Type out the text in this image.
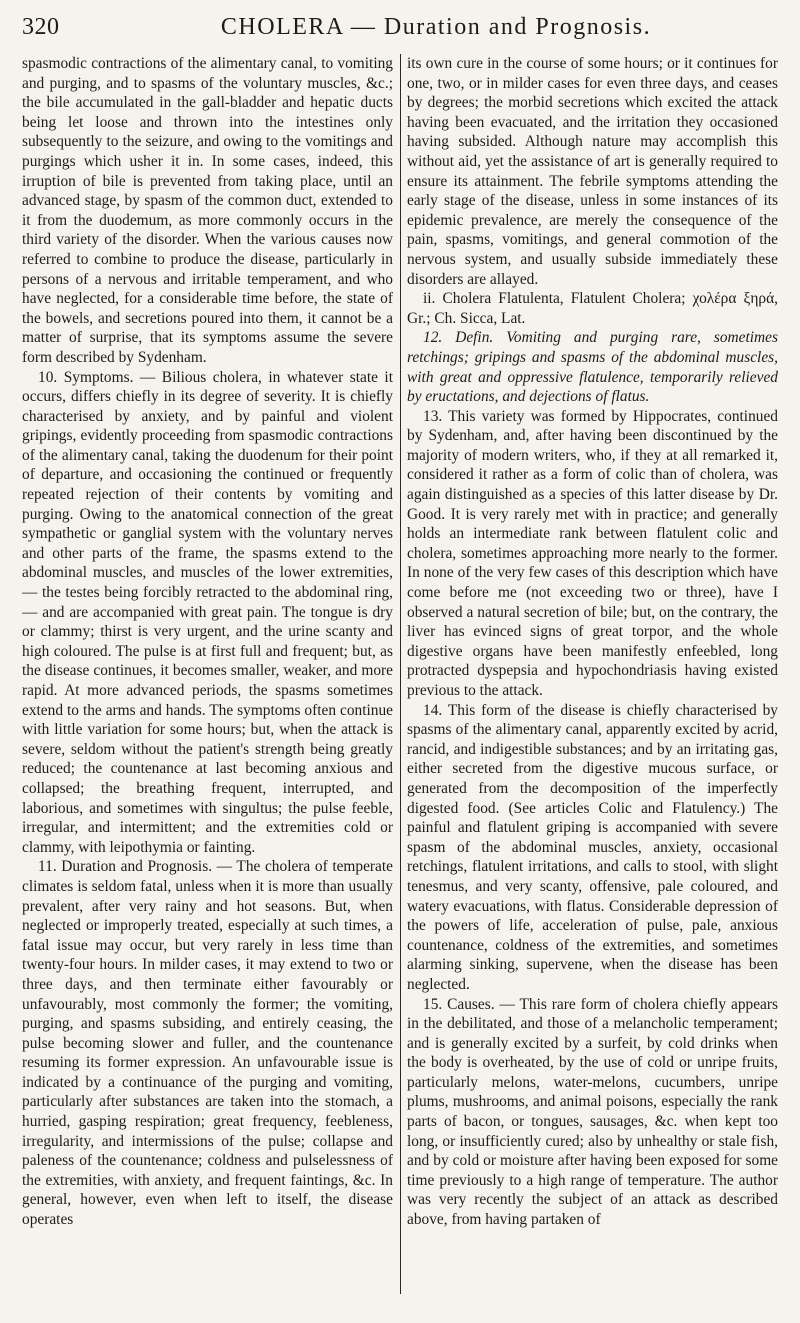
320	CHOLERA — Duration and Prognosis.

spasmodic contractions of the alimentary canal, to vomiting and purging, and to spasms of the voluntary muscles, &c.; the bile accumulated in the gall-bladder and hepatic ducts being let loose and thrown into the intestines only subsequently to the seizure, and owing to the vomitings and purgings which usher it in. In some cases, indeed, this irruption of bile is prevented from taking place, until an advanced stage, by spasm of the common duct, extended to it from the duodemum, as more commonly occurs in the third variety of the disorder. When the various causes now referred to combine to produce the disease, particularly in persons of a nervous and irritable temperament, and who have neglected, for a considerable time before, the state of the bowels, and secretions poured into them, it cannot be a matter of surprise, that its symptoms assume the severe form described by Sydenham.

10. Symptoms. — Bilious cholera, in whatever state it occurs, differs chiefly in its degree of severity. It is chiefly characterised by anxiety, and by painful and violent gripings, evidently proceeding from spasmodic contractions of the alimentary canal, taking the duodenum for their point of departure, and occasioning the continued or frequently repeated rejection of their contents by vomiting and purging. Owing to the anatomical connection of the great sympathetic or ganglial system with the voluntary nerves and other parts of the frame, the spasms extend to the abdominal muscles, and muscles of the lower extremities, — the testes being forcibly retracted to the abdominal ring, — and are accompanied with great pain. The tongue is dry or clammy; thirst is very urgent, and the urine scanty and high coloured. The pulse is at first full and frequent; but, as the disease continues, it becomes smaller, weaker, and more rapid. At more advanced periods, the spasms sometimes extend to the arms and hands. The symptoms often continue with little variation for some hours; but, when the attack is severe, seldom without the patient's strength being greatly reduced; the countenance at last becoming anxious and collapsed; the breathing frequent, interrupted, and laborious, and sometimes with singultus; the pulse feeble, irregular, and intermittent; and the extremities cold or clammy, with leipothymia or fainting.

11. Duration and Prognosis. — The cholera of temperate climates is seldom fatal, unless when it is more than usually prevalent, after very rainy and hot seasons. But, when neglected or improperly treated, especially at such times, a fatal issue may occur, but very rarely in less time than twenty-four hours. In milder cases, it may extend to two or three days, and then terminate either favourably or unfavourably, most commonly the former; the vomiting, purging, and spasms subsiding, and entirely ceasing, the pulse becoming slower and fuller, and the countenance resuming its former expression. An unfavourable issue is indicated by a continuance of the purging and vomiting, particularly after substances are taken into the stomach, a hurried, gasping respiration; great frequency, feebleness, irregularity, and intermissions of the pulse; collapse and paleness of the countenance; coldness and pulselessness of the extremities, with anxiety, and frequent faintings, &c. In general, however, even when left to itself, the disease operates

its own cure in the course of some hours; or it continues for one, two, or in milder cases for even three days, and ceases by degrees; the morbid secretions which excited the attack having been evacuated, and the irritation they occasioned having subsided. Although nature may accomplish this without aid, yet the assistance of art is generally required to ensure its attainment. The febrile symptoms attending the early stage of the disease, unless in some instances of its epidemic prevalence, are merely the consequence of the pain, spasms, vomitings, and general commotion of the nervous system, and usually subside immediately these disorders are allayed.

ii. Cholera Flatulenta, Flatulent Cholera; χολέρα ξηρά, Gr.; Ch. Sicca, Lat.

12. Defin. Vomiting and purging rare, sometimes retchings; gripings and spasms of the abdominal muscles, with great and oppressive flatulence, temporarily relieved by eructations, and dejections of flatus.

13. This variety was formed by Hippocrates, continued by Sydenham, and, after having been discontinued by the majority of modern writers, who, if they at all remarked it, considered it rather as a form of colic than of cholera, was again distinguished as a species of this latter disease by Dr. Good. It is very rarely met with in practice; and generally holds an intermediate rank between flatulent colic and cholera, sometimes approaching more nearly to the former. In none of the very few cases of this description which have come before me (not exceeding two or three), have I observed a natural secretion of bile; but, on the contrary, the liver has evinced signs of great torpor, and the whole digestive organs have been manifestly enfeebled, long protracted dyspepsia and hypochondriasis having existed previous to the attack.

14. This form of the disease is chiefly characterised by spasms of the alimentary canal, apparently excited by acrid, rancid, and indigestible substances; and by an irritating gas, either secreted from the digestive mucous surface, or generated from the decomposition of the imperfectly digested food. (See articles Colic and Flatulency.) The painful and flatulent griping is accompanied with severe spasm of the abdominal muscles, anxiety, occasional retchings, flatulent irritations, and calls to stool, with slight tenesmus, and very scanty, offensive, pale coloured, and watery evacuations, with flatus. Considerable depression of the powers of life, acceleration of pulse, pale, anxious countenance, coldness of the extremities, and sometimes alarming sinking, supervene, when the disease has been neglected.

15. Causes. — This rare form of cholera chiefly appears in the debilitated, and those of a melancholic temperament; and is generally excited by a surfeit, by cold drinks when the body is overheated, by the use of cold or unripe fruits, particularly melons, water-melons, cucumbers, unripe plums, mushrooms, and animal poisons, especially the rank parts of bacon, or tongues, sausages, &c. when kept too long, or insufficiently cured; also by unhealthy or stale fish, and by cold or moisture after having been exposed for some time previously to a high range of temperature. The author was very recently the subject of an attack as described above, from having partaken of
